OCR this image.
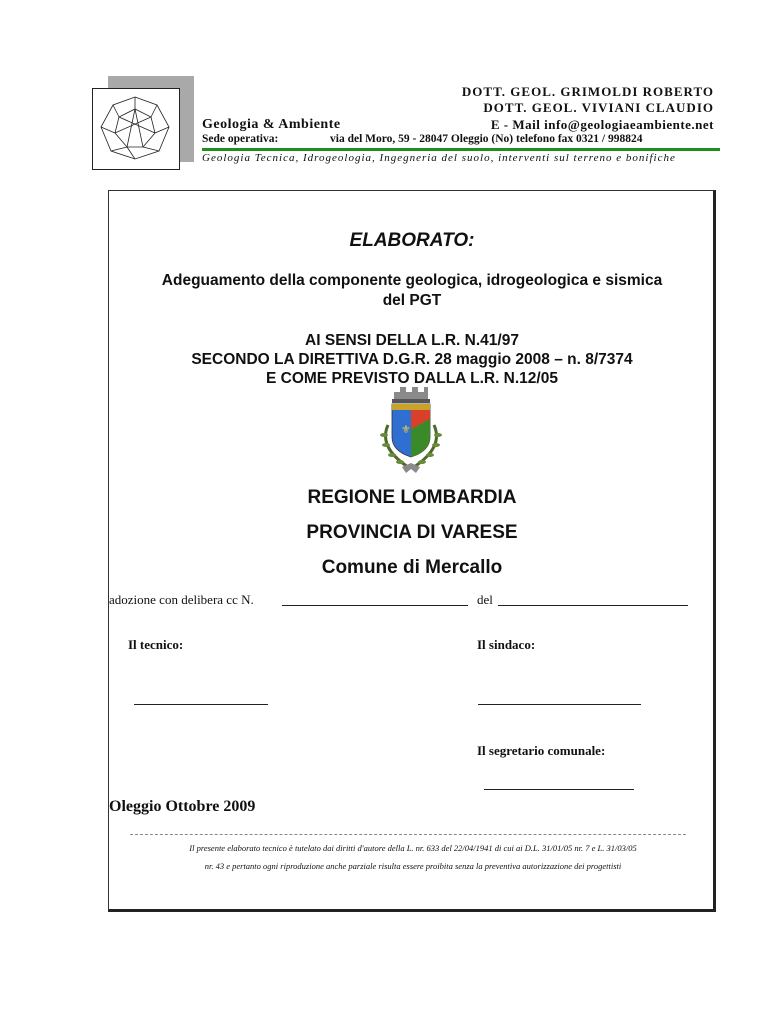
DOTT. GEOL. GRIMOLDI ROBERTO
DOTT. GEOL. VIVIANI CLAUDIO
E - Mail info@geologiaeambiente.net
Geologia & Ambiente
Sede operativa:	via del Moro, 59 - 28047 Oleggio (No) telefono fax 0321 / 998824
Geologia Tecnica, Idrogeologia, Ingegneria del suolo, interventi sul terreno e bonifiche
ELABORATO:
Adeguamento della componente geologica, idrogeologica e sismica
del PGT
AI SENSI DELLA L.R. N.41/97
SECONDO LA DIRETTIVA D.G.R. 28 maggio 2008 – n. 8/7374
E COME PREVISTO DALLA L.R. N.12/05
⚜
REGIONE LOMBARDIA
PROVINCIA DI VARESE
Comune di Mercallo
adozione con delibera cc N.	del
Il tecnico:	Il sindaco:
Il segretario comunale:
Oleggio Ottobre 2009
Il presente elaborato tecnico è tutelato dai diritti d'autore della L. nr. 633 del 22/04/1941 di cui ai D.L. 31/01/05 nr. 7 e L. 31/03/05
nr. 43 e pertanto ogni riproduzione anche parziale risulta essere proibita senza la preventiva autorizzazione dei progettisti
